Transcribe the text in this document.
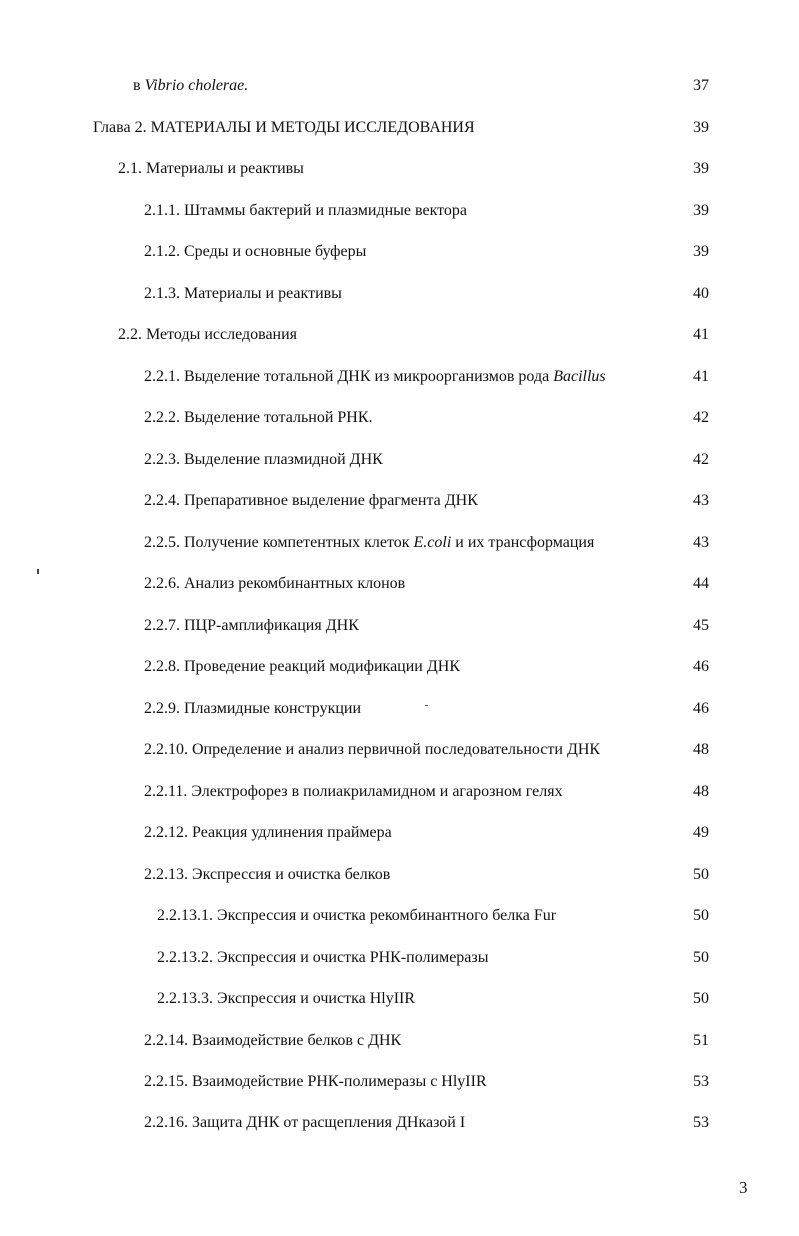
в Vibrio cholerae.	37
Глава 2. МАТЕРИАЛЫ И МЕТОДЫ ИССЛЕДОВАНИЯ	39
2.1. Материалы и реактивы	39
2.1.1. Штаммы бактерий и плазмидные вектора	39
2.1.2. Среды и основные буферы	39
2.1.3. Материалы и реактивы	40
2.2. Методы исследования	41
2.2.1. Выделение тотальной ДНК из микроорганизмов рода Bacillus	41
2.2.2. Выделение тотальной РНК.	42
2.2.3. Выделение плазмидной ДНК	42
2.2.4. Препаративное выделение фрагмента ДНК	43
2.2.5. Получение компетентных клеток E.coli и их трансформация	43
2.2.6. Анализ рекомбинантных клонов	44
2.2.7. ПЦР-амплификация ДНК	45
2.2.8. Проведение реакций модификации ДНК	46
2.2.9. Плазмидные конструкции	46
2.2.10. Определение и анализ первичной последовательности ДНК	48
2.2.11. Электрофорез в полиакриламидном и агарозном гелях	48
2.2.12. Реакция удлинения праймера	49
2.2.13. Экспрессия и очистка белков	50
2.2.13.1. Экспрессия и очистка рекомбинантного белка Fur	50
2.2.13.2. Экспрессия и очистка РНК-полимеразы	50
2.2.13.3. Экспрессия и очистка HlyIIR	50
2.2.14. Взаимодействие белков с ДНК	51
2.2.15. Взаимодействие РНК-полимеразы с HlyIIR	53
2.2.16. Защита ДНК от расщепления ДНказой I	53
3
